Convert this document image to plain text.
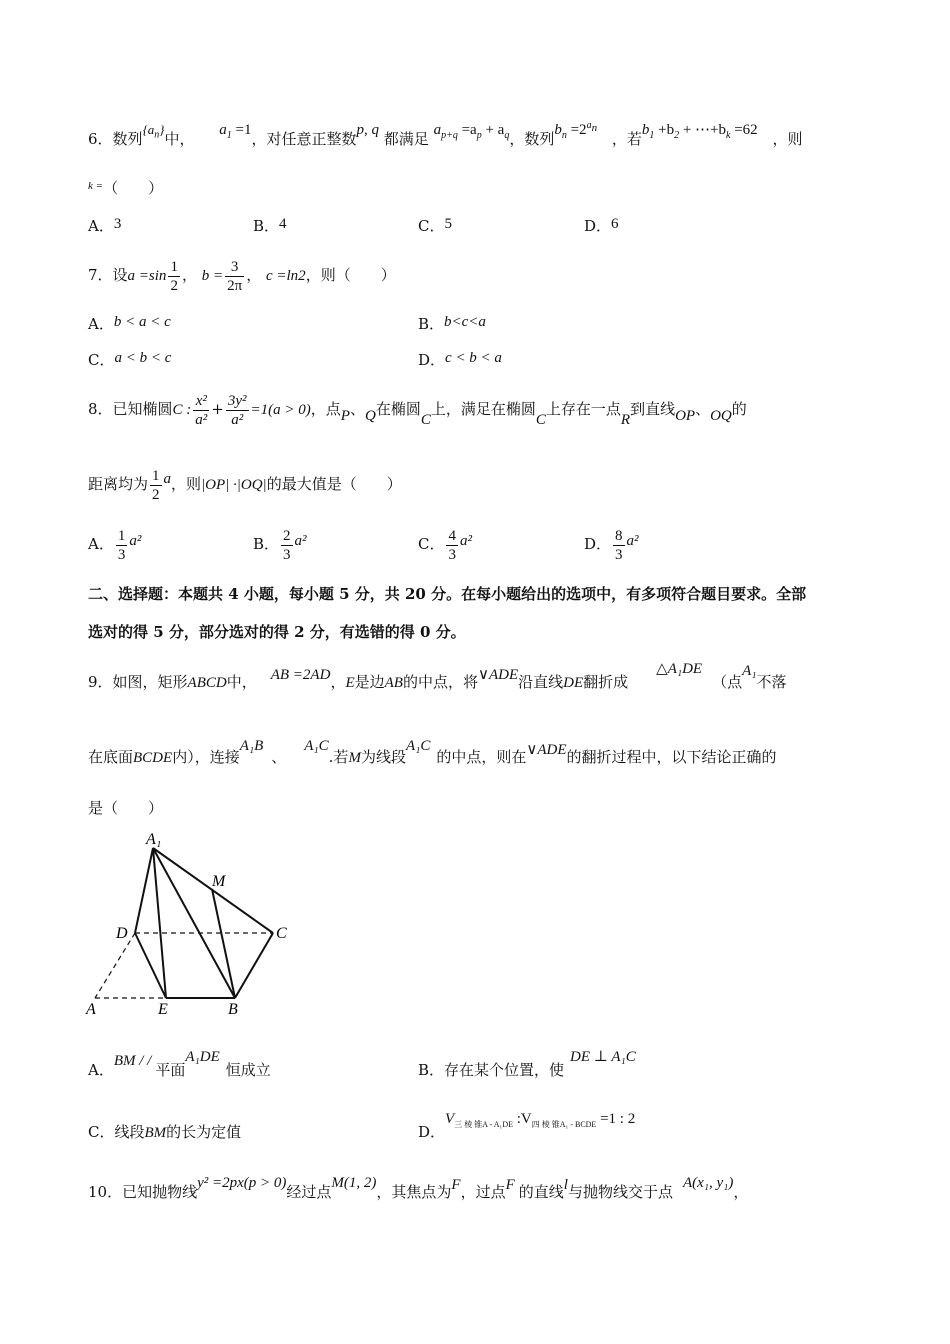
6．数列$\{a_n\}$中， $a_1 =1$，对任意正整数p, q 都满足 $a_{p+q} =a_p + a_q$，数列$b_n =2^{a_n}$ ，若$b_1 +b_2$ + $\cdots+b_k =62$ ，则
$^{k =}$（　　）
A．3	B．4	C．5	D．6
7．设$a =\sin \frac{1}{2}$ ， $b = \frac{3}{2\pi}$ ， c =ln2，则（　　）
A．b < a < c	B．b<c<a
C．a < b < c	D．c < b < a
8．已知椭圆C : $\frac{\text{x²}}{\text{a²}} + \frac{\text{3y²}}{\text{a²}} =1(a > 0)$，点P、Q在椭圆C上，满足在椭圆C上存在一点R到直线OP、OQ的
距离均为 $\frac{1}{2}$ a，则|OP| ·|OQ|的最大值是（　　）
A． $\frac{1}{3} a^2$	B． $\frac{2}{3} a^2$	C． $\frac{4}{3} a^2$	D． $\frac{8}{3} a^2$
二、选择题：本题共 4 小题，每小题 5 分，共 20 分。在每小题给出的选项中，有多项符合题目要求。全部
选对的得 5 分，部分选对的得 2 分，有选错的得 0 分。
9．如图，矩形ABCD中， AB =2AD，E是边AB的中点，将∨ADE沿直线DE翻折成△A₁DE（点A₁不落
在底面BCDE内），连接A₁B、A₁C.若M为线段A₁C的中点，则在∨ADE的翻折过程中，以下结论正确的
是（　　）
A₁
M
D	C
A	E	B
A．BM / / 平面A₁DE恒成立	B．存在某个位置，使DE ⊥ A₁C
C．线段BM的长为定值	D．$V_{三 棱 锥A - A_1DE}$ $:V_{四 棱 锥A_1 - BCDE} =1$ : 2
10．已知抛物线y² =2px(p > 0)经过点M(1, 2)，其焦点为F，过点F 的直线l与抛物线交于点 A(x₁, y₁)，
